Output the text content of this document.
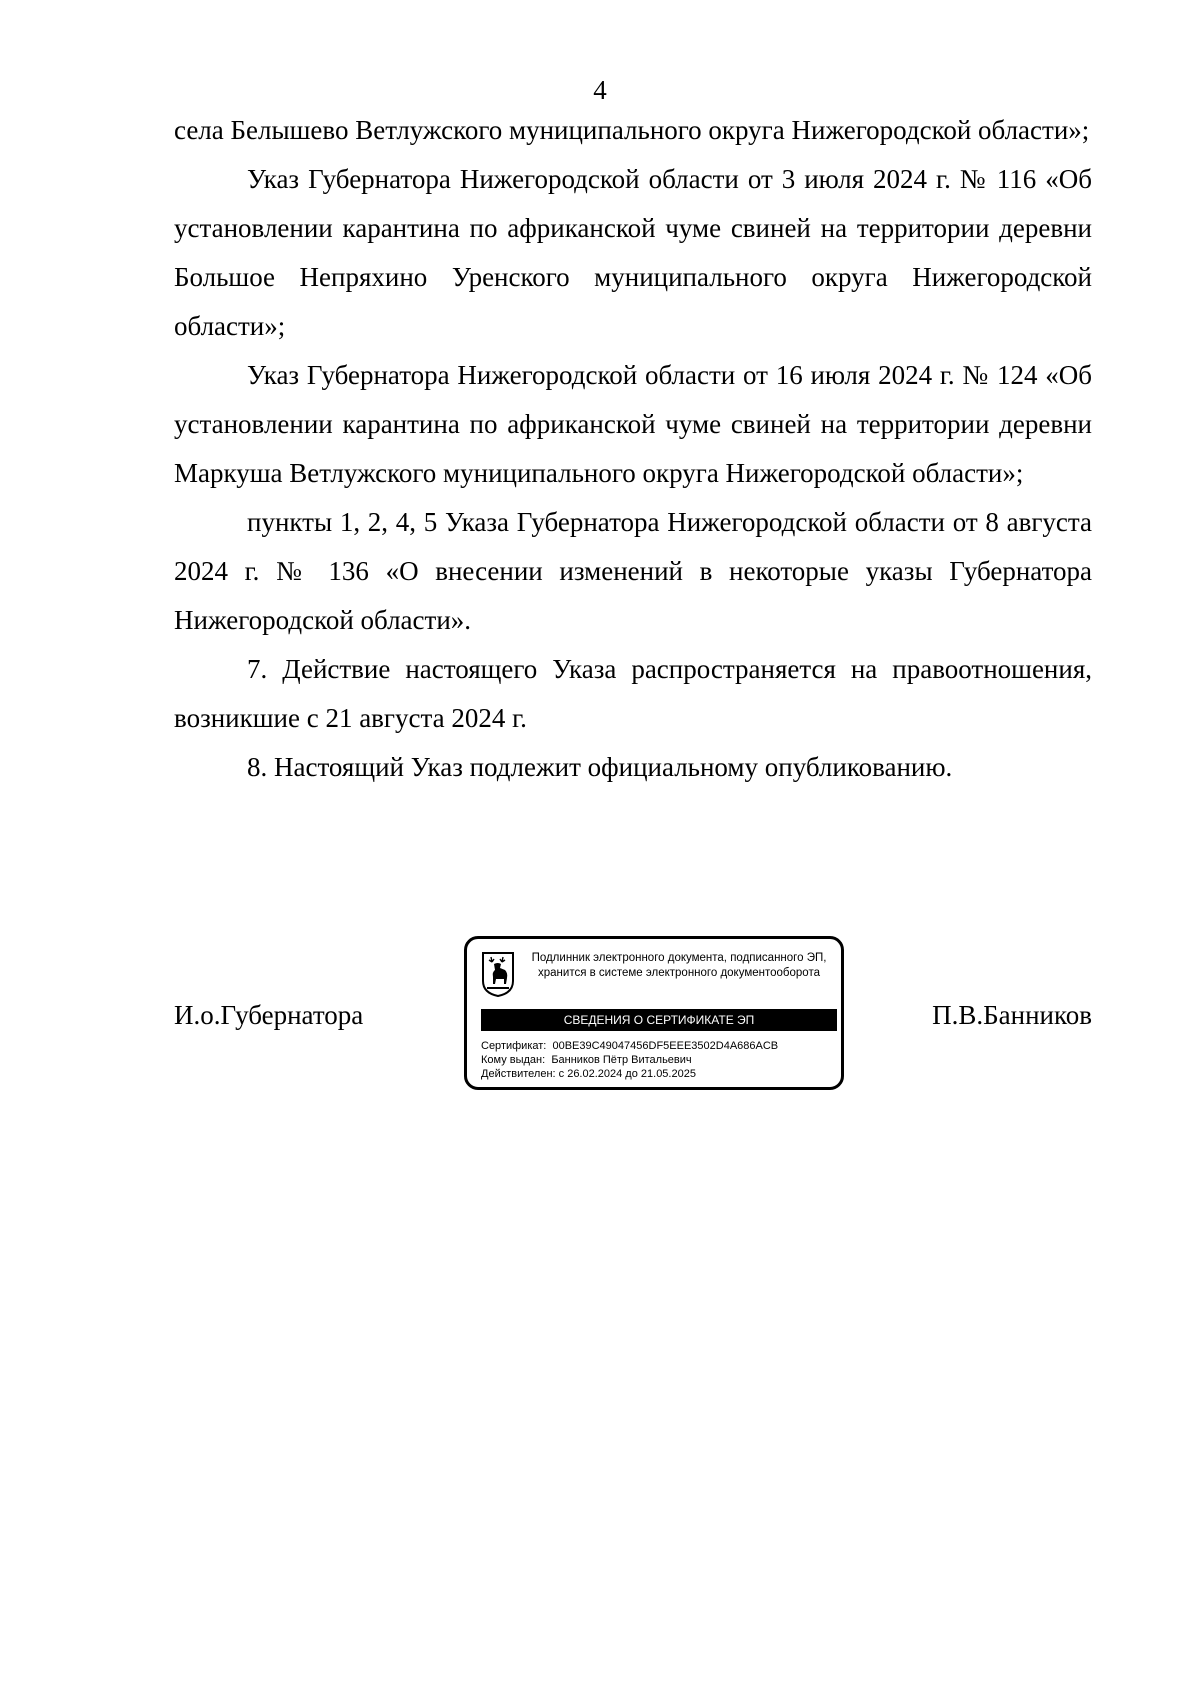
4

села Белышево Ветлужского муниципального округа Нижегородской области»;

Указ Губернатора Нижегородской области от 3 июля 2024 г. № 116 «Об установлении карантина по африканской чуме свиней на территории деревни Большое Непряхино Уренского муниципального округа Нижегородской области»;

Указ Губернатора Нижегородской области от 16 июля 2024 г. № 124 «Об установлении карантина по африканской чуме свиней на территории деревни Маркуша Ветлужского муниципального округа Нижегородской области»;

пункты 1, 2, 4, 5 Указа Губернатора Нижегородской области от 8 августа 2024 г. № 136 «О внесении изменений в некоторые указы Губернатора Нижегородской области».

7. Действие настоящего Указа распространяется на правоотношения, возникшие с 21 августа 2024 г.

8. Настоящий Указ подлежит официальному опубликованию.

И.о.Губернатора	П.В.Банников
Подлинник электронного документа, подписанного ЭП,
хранится в системе электронного документооборота
СВЕДЕНИЯ О СЕРТИФИКАТЕ ЭП
Сертификат: 00BE39C49047456DF5EEE3502D4A686ACB
Кому выдан: Банников Пётр Витальевич
Действителен: с 26.02.2024 до 21.05.2025
